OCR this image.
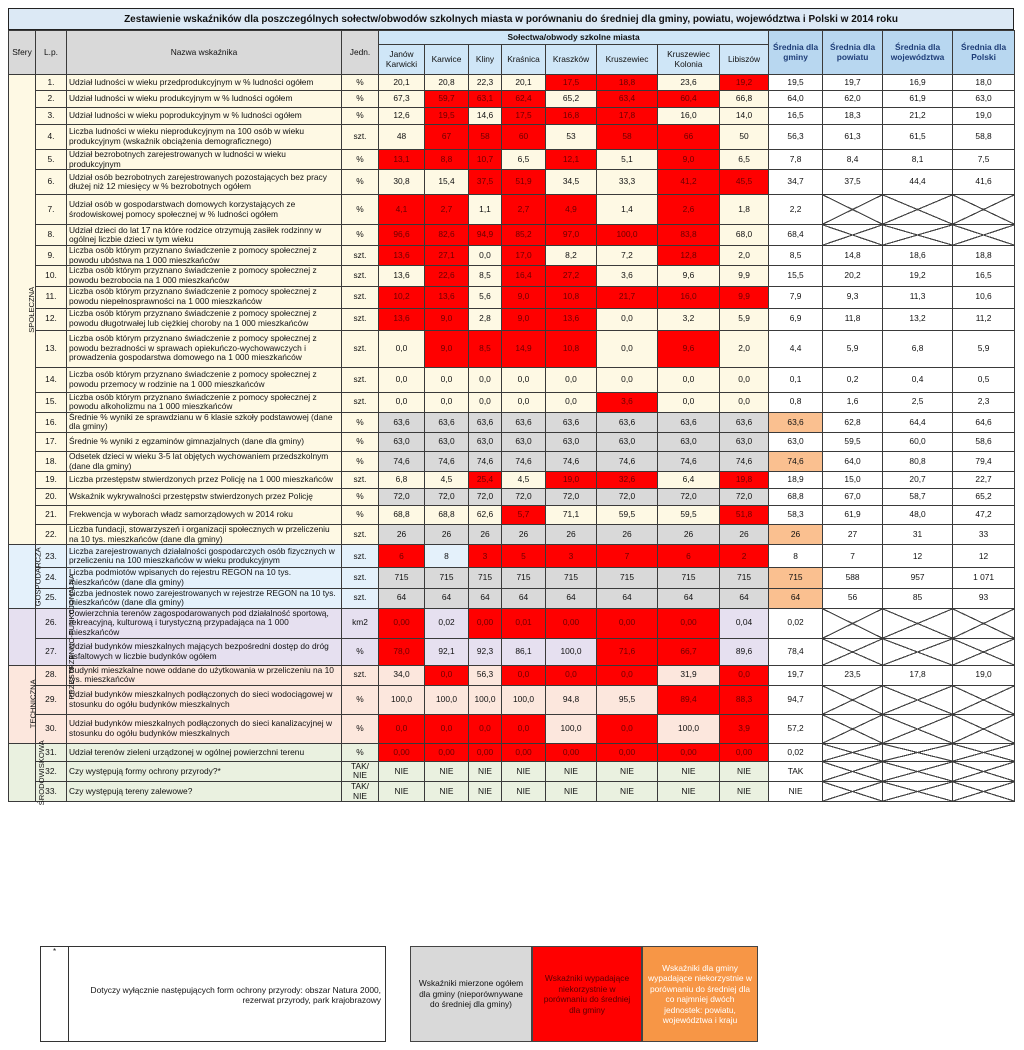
Zestawienie wskaźników dla poszczególnych sołectw/obwodów szkolnych miasta w porównaniu do średniej dla gminy, powiatu, województwa i Polski w 2014 roku
Sfery	L.p.	Nazwa wskaźnika	Jedn.	Sołectwa/obwody szkolne miasta								Średnia dla gminy	Średnia dla powiatu	Średnia dla województwa	Średnia dla Polski
				Janów Karwicki	Karwice	Kliny	Kraśnica	Kraszków	Kruszewiec	Kruszewiec Kolonia	Libiszów				
SPOŁECZNA	1.	Udział ludności w wieku przedprodukcyjnym w % ludności ogółem	%	20,1	20,8	22,3	20,1	17,5	18,8	23,6	19,2	19,5	19,7	16,9	18,0
	2.	Udział ludności w wieku produkcyjnym w % ludności ogółem	%	67,3	59,7	63,1	62,4	65,2	63,4	60,4	66,8	64,0	62,0	61,9	63,0
	3.	Udział ludności w wieku poprodukcyjnym w % ludności ogółem	%	12,6	19,5	14,6	17,5	16,8	17,8	16,0	14,0	16,5	18,3	21,2	19,0
	4.	Liczba ludności w wieku nieprodukcyjnym na 100 osób w wieku produkcyjnym (wskaźnik obciążenia demograficznego)	szt.	48	67	58	60	53	58	66	50	56,3	61,3	61,5	58,8
	5.	Udział bezrobotnych zarejestrowanych w ludności w wieku produkcyjnym	%	13,1	8,8	10,7	6,5	12,1	5,1	9,0	6,5	7,8	8,4	8,1	7,5
	6.	Udział osób bezrobotnych zarejestrowanych pozostających bez pracy dłużej niż 12 miesięcy w % bezrobotnych ogółem	%	30,8	15,4	37,5	51,9	34,5	33,3	41,2	45,5	34,7	37,5	44,4	41,6
	7.	Udział osób w gospodarstwach domowych korzystających ze środowiskowej pomocy społecznej w % ludności ogółem	%	4,1	2,7	1,1	2,7	4,9	1,4	2,6	1,8	2,2			
	8.	Udział dzieci do lat 17 na które rodzice otrzymują zasiłek rodzinny w ogólnej liczbie dzieci w tym wieku	%	96,6	82,6	94,9	85,2	97,0	100,0	83,8	68,0	68,4			
	9.	Liczba osób którym przyznano świadczenie z pomocy społecznej z powodu ubóstwa na 1 000 mieszkańców	szt.	13,6	27,1	0,0	17,0	8,2	7,2	12,8	2,0	8,5	14,8	18,6	18,8
	10.	Liczba osób którym przyznano świadczenie z pomocy społecznej z powodu bezrobocia na 1 000 mieszkańców	szt.	13,6	22,6	8,5	16,4	27,2	3,6	9,6	9,9	15,5	20,2	19,2	16,5
	11.	Liczba osób którym przyznano świadczenie z pomocy społecznej z powodu niepełnosprawności na 1 000 mieszkańców	szt.	10,2	13,6	5,6	9,0	10,8	21,7	16,0	9,9	7,9	9,3	11,3	10,6
	12.	Liczba osób którym przyznano świadczenie z pomocy społecznej z powodu długotrwałej lub ciężkiej choroby na 1 000 mieszkańców	szt.	13,6	9,0	2,8	9,0	13,6	0,0	3,2	5,9	6,9	11,8	13,2	11,2
	13.	Liczba osób którym przyznano świadczenie z pomocy społecznej z powodu bezradności w sprawach opiekuńczo-wychowawczych i prowadzenia gospodarstwa domowego na 1 000 mieszkańców	szt.	0,0	9,0	8,5	14,9	10,8	0,0	9,6	2,0	4,4	5,9	6,8	5,9
	14.	Liczba osób którym przyznano świadczenie z pomocy społecznej z powodu przemocy w rodzinie na 1 000 mieszkańców	szt.	0,0	0,0	0,0	0,0	0,0	0,0	0,0	0,0	0,1	0,2	0,4	0,5
	15.	Liczba osób którym przyznano świadczenie z pomocy społecznej z powodu alkoholizmu na 1 000 mieszkańców	szt.	0,0	0,0	0,0	0,0	0,0	3,6	0,0	0,0	0,8	1,6	2,5	2,3
	16.	Średnie % wyniki ze sprawdzianu w 6 klasie szkoły podstawowej (dane dla gminy)	%	63,6	63,6	63,6	63,6	63,6	63,6	63,6	63,6	63,6	62,8	64,4	64,6
	17.	Średnie % wyniki z egzaminów gimnazjalnych (dane dla gminy)	%	63,0	63,0	63,0	63,0	63,0	63,0	63,0	63,0	63,0	59,5	60,0	58,6
	18.	Odsetek dzieci w wieku 3-5 lat objętych wychowaniem przedszkolnym (dane dla gminy)	%	74,6	74,6	74,6	74,6	74,6	74,6	74,6	74,6	74,6	64,0	80,8	79,4
	19.	Liczba przestępstw stwierdzonych przez Policję na 1 000 mieszkańców	szt.	6,8	4,5	25,4	4,5	19,0	32,6	6,4	19,8	18,9	15,0	20,7	22,7
	20.	Wskaźnik wykrywalności przestępstw stwierdzonych przez Policję	%	72,0	72,0	72,0	72,0	72,0	72,0	72,0	72,0	68,8	67,0	58,7	65,2
	21.	Frekwencja w wyborach władz samorządowych w 2014 roku	%	68,8	68,8	62,6	5,7	71,1	59,5	59,5	51,8	58,3	61,9	48,0	47,2
	22.	Liczba fundacji, stowarzyszeń i organizacji społecznych w przeliczeniu na 10 tys. mieszkańców (dane dla gminy)	szt.	26	26	26	26	26	26	26	26	26	27	31	33
GOSPODARCZA	23.	Liczba zarejestrowanych działalności gospodarczych osób fizycznych w przeliczeniu na 100 mieszkańców w wieku produkcyjnym	szt.	6	8	3	5	3	7	6	2	8	7	12	12
	24.	Liczba podmiotów wpisanych do rejestru REGON na 10 tys. mieszkańców (dane dla gminy)	szt.	715	715	715	715	715	715	715	715	715	588	957	1 071
	25.	Liczba jednostek nowo zarejestrowanych w rejestrze REGON na 10 tys. mieszkańców (dane dla gminy)	szt.	64	64	64	64	64	64	64	64	64	56	85	93
PRZESTRZENNO-FUNKCJONALNA	26.	Powierzchnia terenów zagospodarowanych pod działalność sportową, rekreacyjną, kulturową i turystyczną przypadająca na 1 000 mieszkańców	km2	0,00	0,02	0,00	0,01	0,00	0,00	0,00	0,04	0,02			
	27.	Udział budynków mieszkalnych mających bezpośredni dostęp do dróg asfaltowych w liczbie budynków ogółem	%	78,0	92,1	92,3	86,1	100,0	71,6	66,7	89,6	78,4			
TECHNICZNA	28.	Budynki mieszkalne nowe oddane do użytkowania w przeliczeniu na 10 tys. mieszkańców	szt.	34,0	0,0	56,3	0,0	0,0	0,0	31,9	0,0	19,7	23,5	17,8	19,0
	29.	Udział budynków mieszkalnych podłączonych do sieci wodociągowej w stosunku do ogółu budynków mieszkalnych	%	100,0	100,0	100,0	100,0	94,8	95,5	89,4	88,3	94,7			
	30.	Udział budynków mieszkalnych podłączonych do sieci kanalizacyjnej w stosunku do ogółu budynków mieszkalnych	%	0,0	0,0	0,0	0,0	100,0	0,0	100,0	3,9	57,2			
ŚRODOWISKOWA	31.	Udział terenów zieleni urządzonej w ogólnej powierzchni terenu	%	0,00	0,00	0,00	0,00	0,00	0,00	0,00	0,00	0,02			
	32.	Czy występują formy ochrony przyrody?*	TAK/ NIE	NIE	NIE	NIE	NIE	NIE	NIE	NIE	NIE	TAK			
	33.	Czy występują tereny zalewowe?	TAK/ NIE	NIE	NIE	NIE	NIE	NIE	NIE	NIE	NIE	NIE			
*
Dotyczy wyłącznie następujących form ochrony przyrody: obszar Natura 2000, rezerwat przyrody, park krajobrazowy
Wskaźniki mierzone ogółem dla gminy (nieporównywane do średniej dla gminy)
Wskaźniki wypadające niekorzystnie w porównaniu do średniej dla gminy
Wskaźniki dla gminy wypadające niekorzystnie w porównaniu do średniej dla co najmniej dwóch jednostek: powiatu, województwa i kraju
